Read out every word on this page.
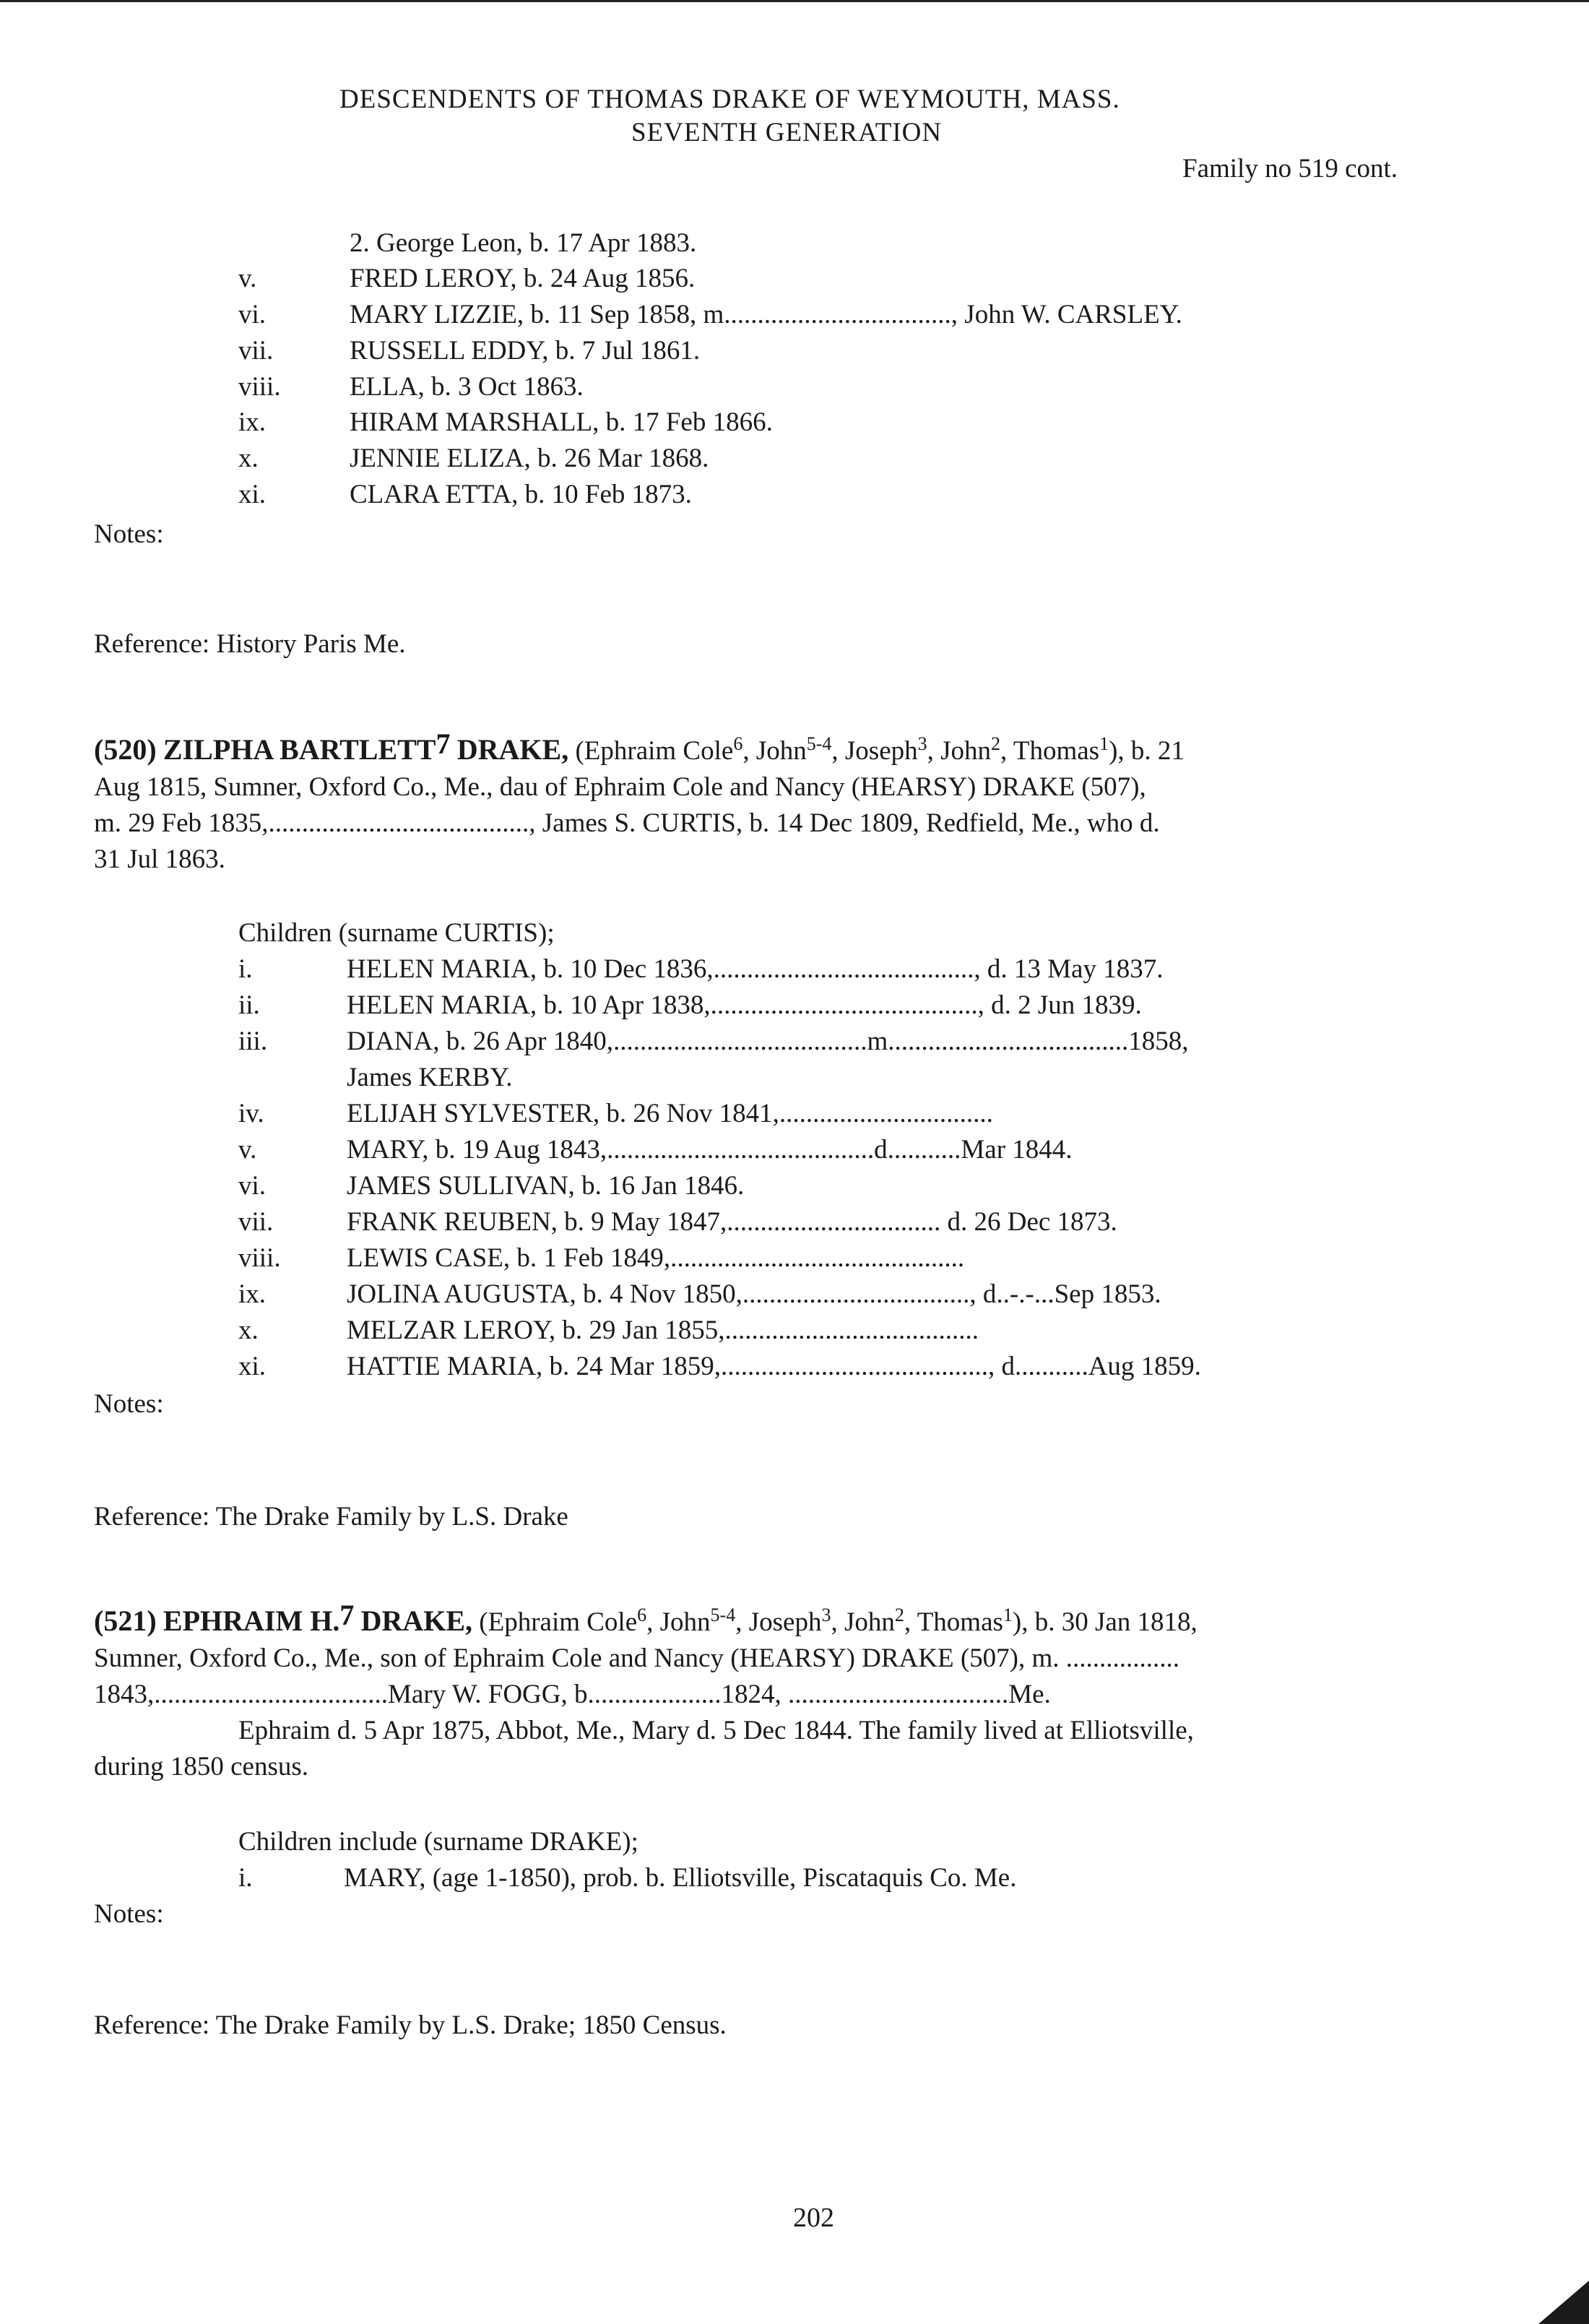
DESCENDENTS OF THOMAS DRAKE OF WEYMOUTH, MASS.
SEVENTH GENERATION
Family no 519 cont.
2. George Leon, b. 17 Apr 1883.
v.	FRED LEROY, b. 24 Aug 1856.
vi.	MARY LIZZIE, b. 11 Sep 1858, m.................................., John W. CARSLEY.
vii.	RUSSELL EDDY, b. 7 Jul 1861.
viii.	ELLA, b. 3 Oct 1863.
ix.	HIRAM MARSHALL, b. 17 Feb 1866.
x.	JENNIE ELIZA, b. 26 Mar 1868.
xi.	CLARA ETTA, b. 10 Feb 1873.
Notes:
Reference: History Paris Me.
(520) ZILPHA BARTLETT$^7$ DRAKE, (Ephraim Cole$^6$, John$^{5-4}$, Joseph$^3$, John$^2$, Thomas$^1$), b. 21
Aug 1815, Sumner, Oxford Co., Me., dau of Ephraim Cole and Nancy (HEARSY) DRAKE (507),
m. 29 Feb 1835,......................................., James S. CURTIS, b. 14 Dec 1809, Redfield, Me., who d.
31 Jul 1863.
Children (surname CURTIS);
i.	HELEN MARIA, b. 10 Dec 1836,......................................., d. 13 May 1837.
ii.	HELEN MARIA, b. 10 Apr 1838,........................................, d. 2 Jun 1839.
iii.	DIANA, b. 26 Apr 1840,......................................m....................................1858,
James KERBY.
iv.	ELIJAH SYLVESTER, b. 26 Nov 1841,................................
v.	MARY, b. 19 Aug 1843,........................................d...........Mar 1844.
vi.	JAMES SULLIVAN, b. 16 Jan 1846.
vii.	FRANK REUBEN, b. 9 May 1847,................................ d. 26 Dec 1873.
viii.	LEWIS CASE, b. 1 Feb 1849,............................................
ix.	JOLINA AUGUSTA, b. 4 Nov 1850,.................................., d..-.-...Sep 1853.
x.	MELZAR LEROY, b. 29 Jan 1855,......................................
xi.	HATTIE MARIA, b. 24 Mar 1859,........................................, d...........Aug 1859.
Notes:
Reference: The Drake Family by L.S. Drake
(521) EPHRAIM H.$^7$ DRAKE, (Ephraim Cole$^6$, John$^{5-4}$, Joseph$^3$, John$^2$, Thomas$^1$), b. 30 Jan 1818,
Sumner, Oxford Co., Me., son of Ephraim Cole and Nancy (HEARSY) DRAKE (507), m. .................
1843,...................................Mary W. FOGG, b....................1824, .................................Me.
Ephraim d. 5 Apr 1875, Abbot, Me., Mary d. 5 Dec 1844. The family lived at Elliotsville,
during 1850 census.
Children include (surname DRAKE);
i.	MARY, (age 1-1850), prob. b. Elliotsville, Piscataquis Co. Me.
Notes:
Reference: The Drake Family by L.S. Drake; 1850 Census.
202
